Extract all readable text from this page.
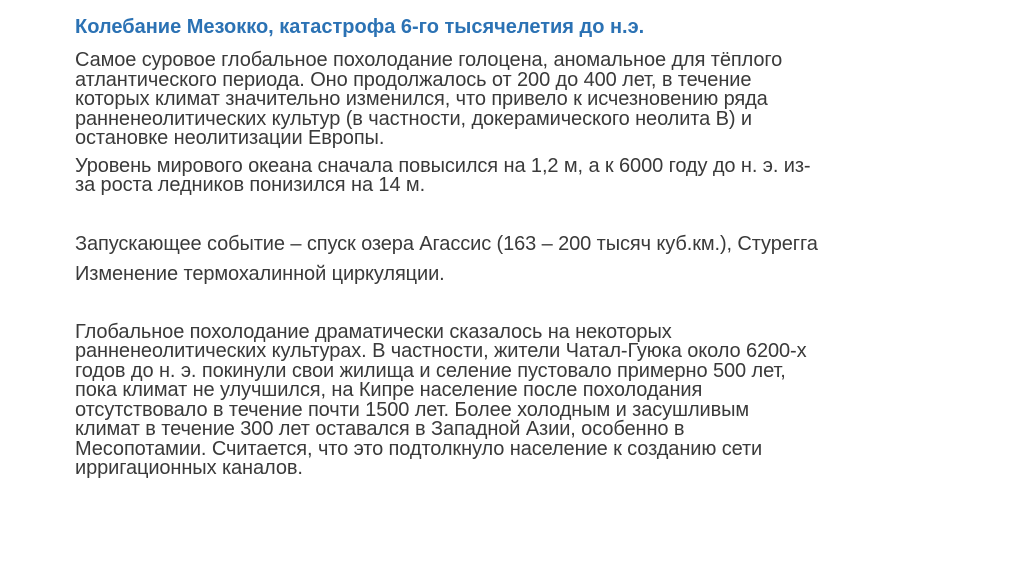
Колебание Мезокко, катастрофа 6-го тысячелетия до н.э.

Самое суровое глобальное похолодание голоцена, аномальное для тёплого
атлантического периода. Оно продолжалось от 200 до 400 лет, в течение
которых климат значительно изменился, что привело к исчезновению ряда
ранненеолитических культур (в частности, докерамического неолита В) и
остановке неолитизации Европы.

Уровень мирового океана сначала повысился на 1,2 м, а к 6000 году до н. э. из-
за роста ледников понизился на 14 м.

Запускающее событие – спуск озера Агассис (163 – 200 тысяч куб.км.), Стурегга

Изменение термохалинной циркуляции.

Глобальное похолодание драматически сказалось на некоторых
ранненеолитических культурах. В частности, жители Чатал-Гуюка около 6200-х
годов до н. э. покинули свои жилища и селение пустовало примерно 500 лет,
пока климат не улучшился, на Кипре население после похолодания
отсутствовало в течение почти 1500 лет. Более холодным и засушливым
климат в течение 300 лет оставался в Западной Азии, особенно в
Месопотамии. Считается, что это подтолкнуло население к созданию сети
ирригационных каналов.
